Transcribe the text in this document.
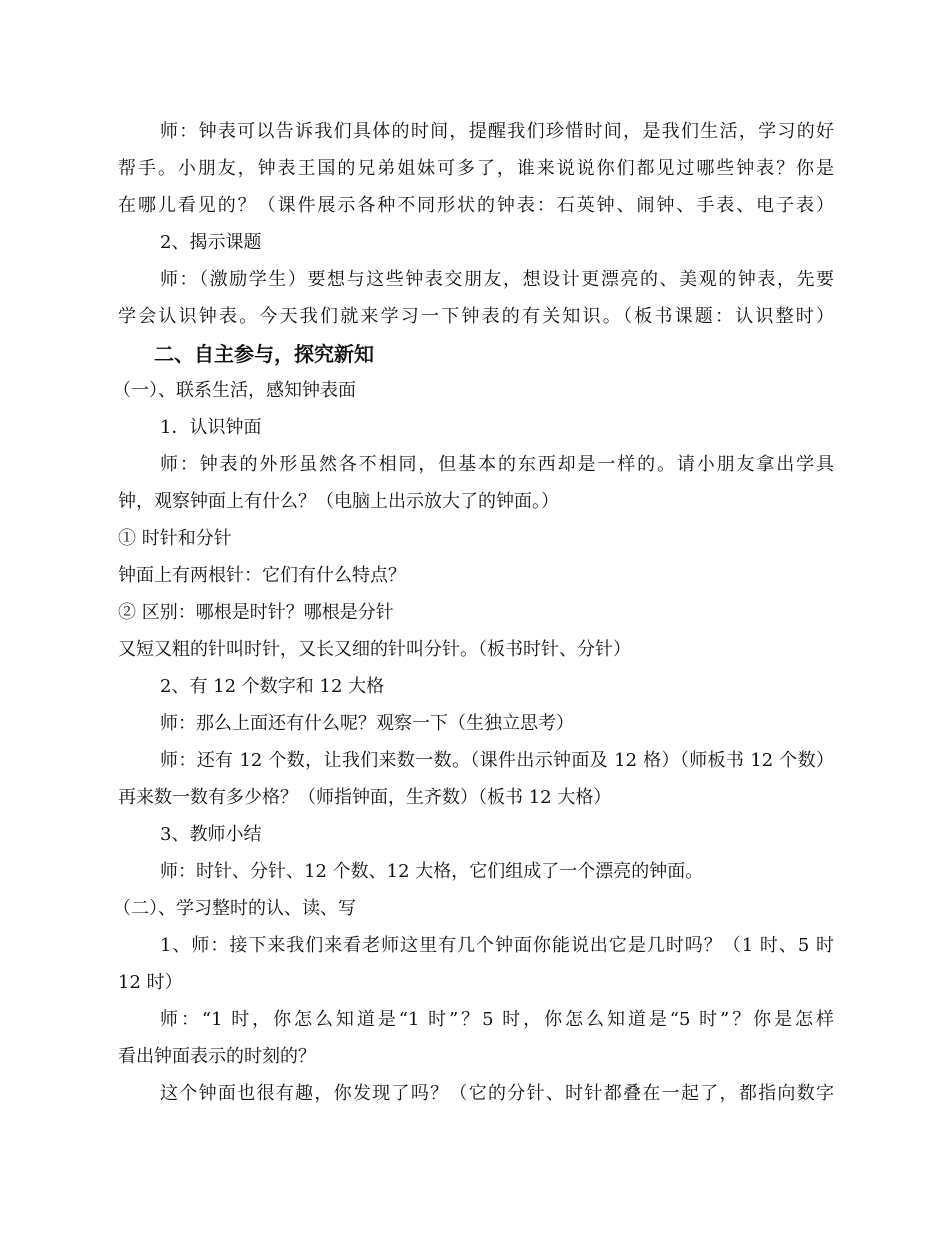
师：钟表可以告诉我们具体的时间，提醒我们珍惜时间，是我们生活，学习的好
帮手。小朋友，钟表王国的兄弟姐妹可多了，谁来说说你们都见过哪些钟表？你是
在哪儿看见的？（课件展示各种不同形状的钟表：石英钟、闹钟、手表、电子表）
2、揭示课题
师：（激励学生）要想与这些钟表交朋友，想设计更漂亮的、美观的钟表，先要
学会认识钟表。今天我们就来学习一下钟表的有关知识。（板书课题：认识整时）
二、自主参与，探究新知
（一）、联系生活，感知钟表面
1．认识钟面
师：钟表的外形虽然各不相同，但基本的东西却是一样的。请小朋友拿出学具
钟，观察钟面上有什么？（电脑上出示放大了的钟面。）
① 时针和分针
钟面上有两根针：它们有什么特点？
② 区别：哪根是时针？哪根是分针
又短又粗的针叫时针，又长又细的针叫分针。（板书时针、分针）
2、有 12 个数字和 12 大格
师：那么上面还有什么呢？观察一下（生独立思考）
师：还有 12 个数，让我们来数一数。（课件出示钟面及 12 格）（师板书 12 个数）
再来数一数有多少格？（师指钟面，生齐数）（板书 12 大格）
3、教师小结
师：时针、分针、12 个数、12 大格，它们组成了一个漂亮的钟面。
（二）、学习整时的认、读、写
1、师：接下来我们来看老师这里有几个钟面你能说出它是几时吗？（1 时、5 时
12 时）
师：“1 时，你怎么知道是“1 时”？5 时，你怎么知道是“5 时”？你是怎样
看出钟面表示的时刻的？
这个钟面也很有趣，你发现了吗？（它的分针、时针都叠在一起了，都指向数字
